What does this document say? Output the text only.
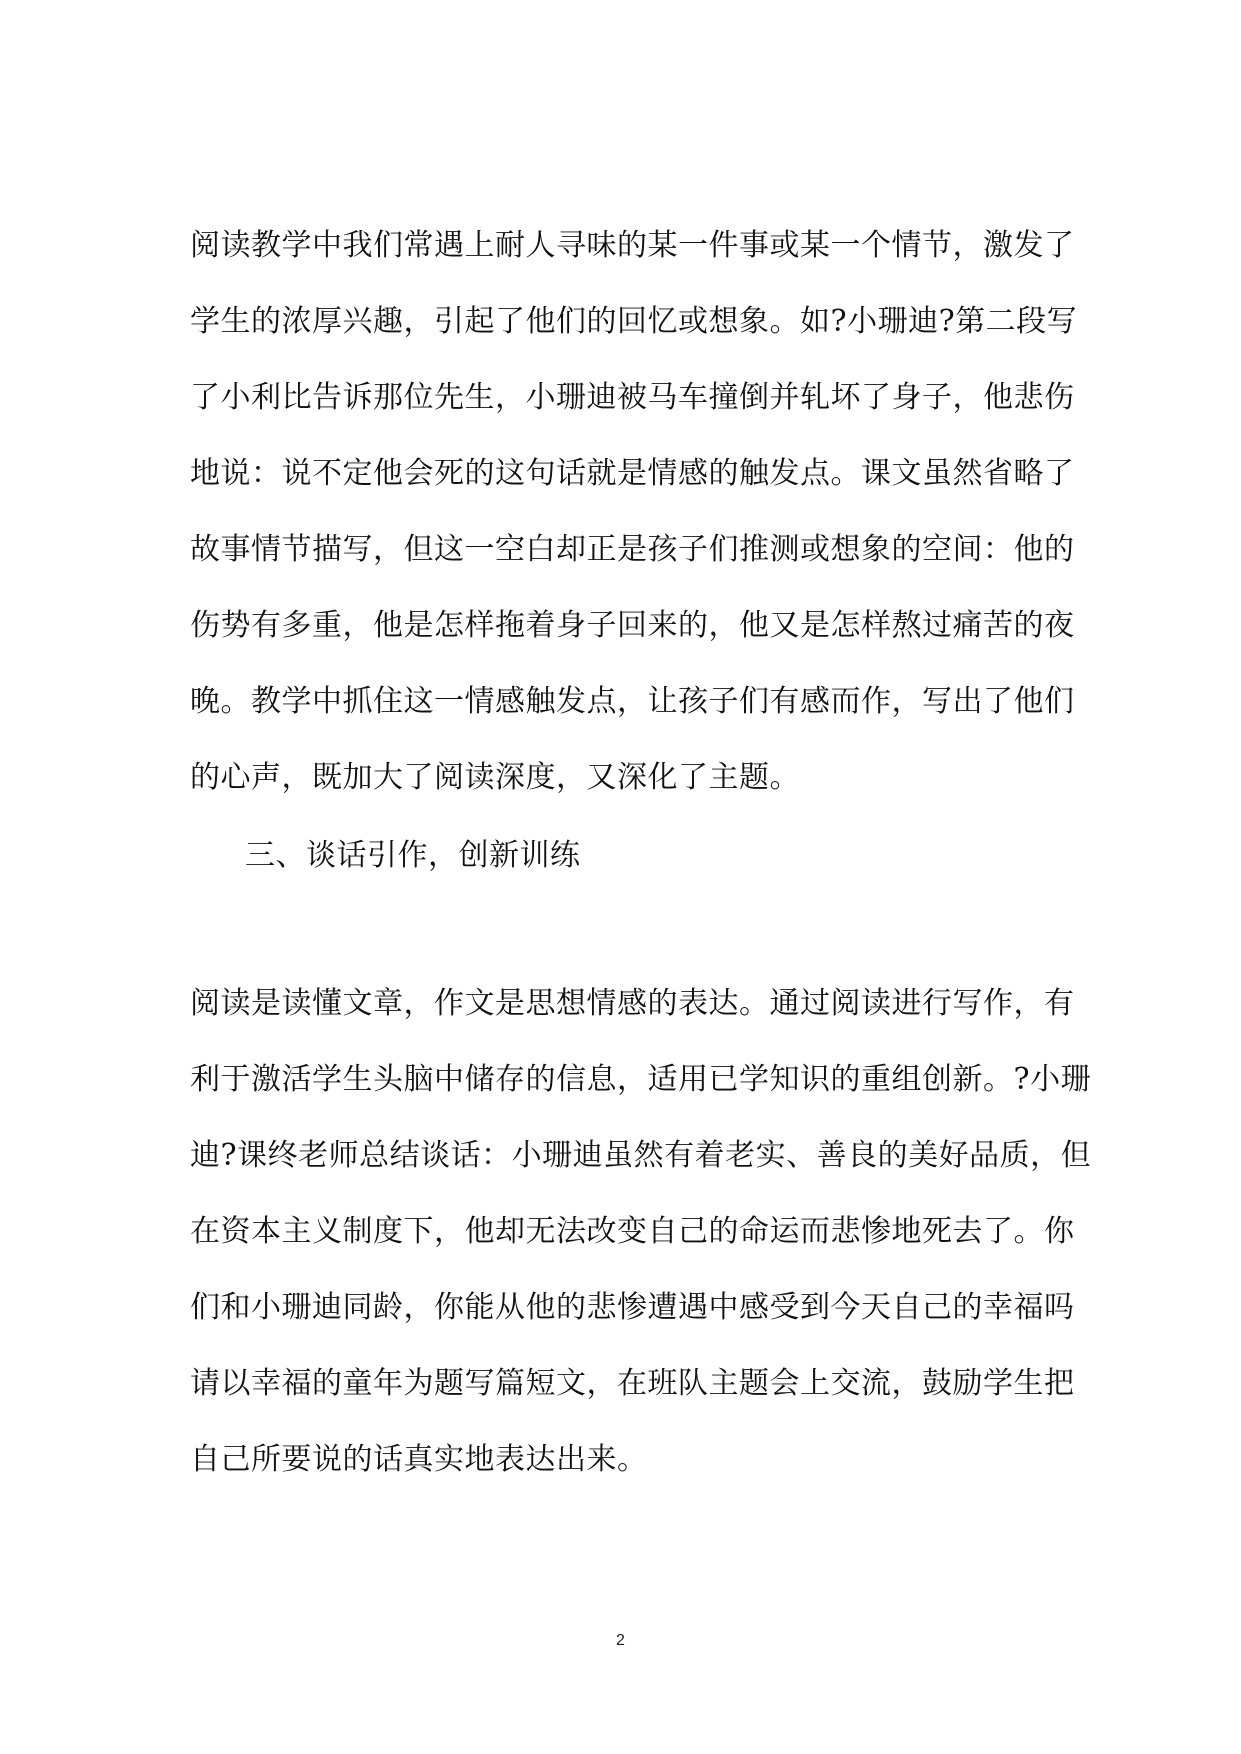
阅读教学中我们常遇上耐人寻味的某一件事或某一个情节，激发了
学生的浓厚兴趣，引起了他们的回忆或想象。如?小珊迪?第二段写
了小利比告诉那位先生，小珊迪被马车撞倒并轧坏了身子，他悲伤
地说：说不定他会死的这句话就是情感的触发点。课文虽然省略了
故事情节描写，但这一空白却正是孩子们推测或想象的空间：他的
伤势有多重，他是怎样拖着身子回来的，他又是怎样熬过痛苦的夜
晚。教学中抓住这一情感触发点，让孩子们有感而作，写出了他们
的心声，既加大了阅读深度，又深化了主题。
三、谈话引作，创新训练
阅读是读懂文章，作文是思想情感的表达。通过阅读进行写作，有
利于激活学生头脑中储存的信息，适用已学知识的重组创新。?小珊
迪?课终老师总结谈话：小珊迪虽然有着老实、善良的美好品质，但
在资本主义制度下，他却无法改变自己的命运而悲惨地死去了。你
们和小珊迪同龄，你能从他的悲惨遭遇中感受到今天自己的幸福吗
请以幸福的童年为题写篇短文，在班队主题会上交流，鼓励学生把
自己所要说的话真实地表达出来。
2
